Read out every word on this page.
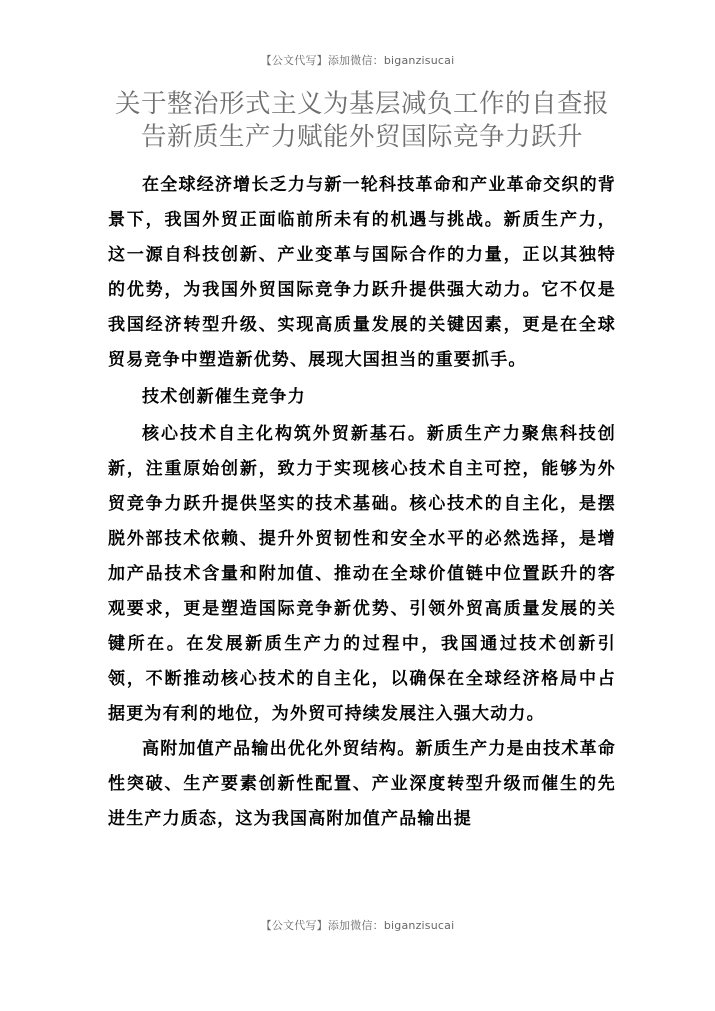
【公文代写】添加微信：biganzisucai
关于整治形式主义为基层减负工作的自查报告新质生产力赋能外贸国际竞争力跃升

在全球经济增长乏力与新一轮科技革命和产业革命交织的背景下，我国外贸正面临前所未有的机遇与挑战。新质生产力，这一源自科技创新、产业变革与国际合作的力量，正以其独特的优势，为我国外贸国际竞争力跃升提供强大动力。它不仅是我国经济转型升级、实现高质量发展的关键因素，更是在全球贸易竞争中塑造新优势、展现大国担当的重要抓手。

技术创新催生竞争力

核心技术自主化构筑外贸新基石。新质生产力聚焦科技创新，注重原始创新，致力于实现核心技术自主可控，能够为外贸竞争力跃升提供坚实的技术基础。核心技术的自主化，是摆脱外部技术依赖、提升外贸韧性和安全水平的必然选择，是增加产品技术含量和附加值、推动在全球价值链中位置跃升的客观要求，更是塑造国际竞争新优势、引领外贸高质量发展的关键所在。在发展新质生产力的过程中，我国通过技术创新引领，不断推动核心技术的自主化，以确保在全球经济格局中占据更为有利的地位，为外贸可持续发展注入强大动力。

高附加值产品输出优化外贸结构。新质生产力是由技术革命性突破、生产要素创新性配置、产业深度转型升级而催生的先进生产力质态，这为我国高附加值产品输出提

【公文代写】添加微信：biganzisucai
